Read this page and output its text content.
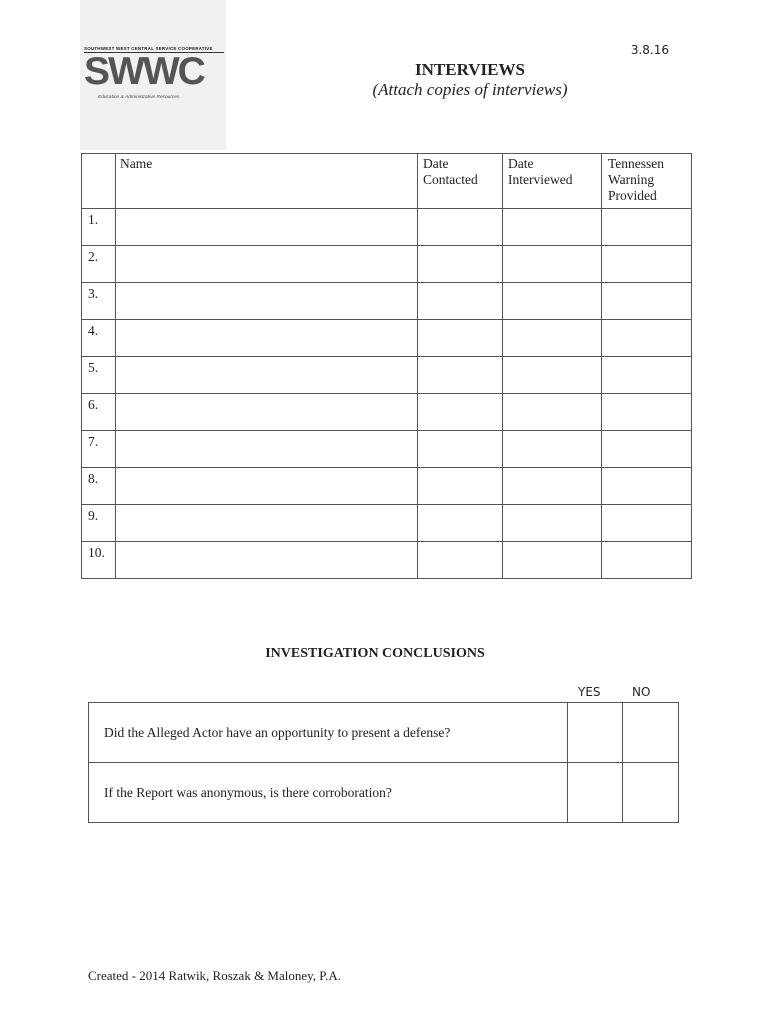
SOUTHWEST WEST CENTRAL SERVICE COOPERATIVE
SWWC
Education & Administrative Resources
3.8.16
INTERVIEWS
(Attach copies of interviews)
	Name	Date Contacted	Date Interviewed	Tennessen Warning Provided
1.				
2.				
3.				
4.				
5.				
6.				
7.				
8.				
9.				
10.				
INVESTIGATION CONCLUSIONS
YES	NO
Did the Alleged Actor have an opportunity to present a defense?		
If the Report was anonymous, is there corroboration?		
Created - 2014 Ratwik, Roszak & Maloney, P.A.
